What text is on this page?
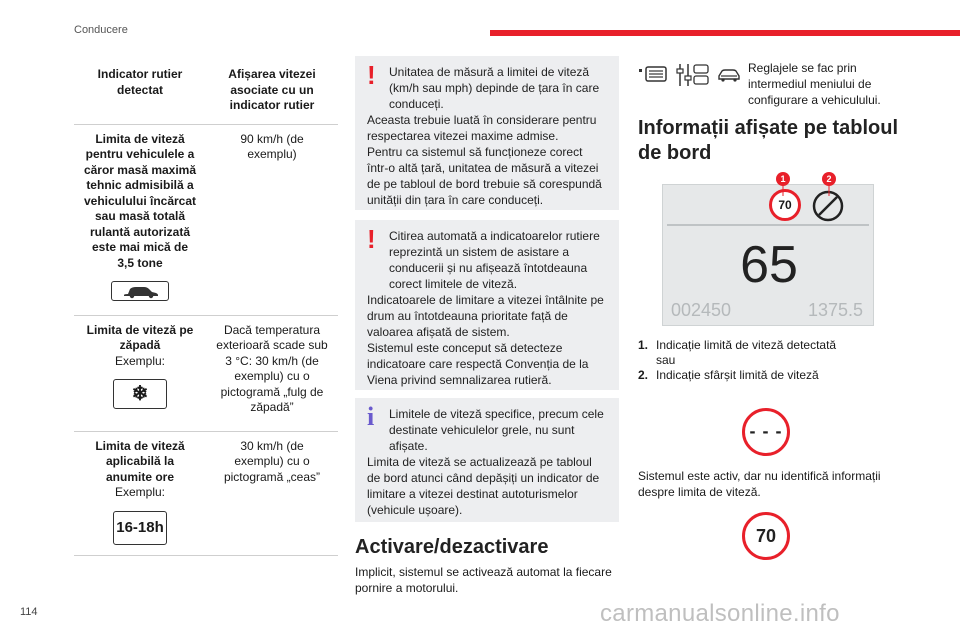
Conducere
Indicator rutier detectat	Afișarea vitezei asociate cu un indicator rutier

Limita de viteză pentru vehiculele a căror masă maximă tehnic admisibilă a vehiculului încărcat sau masă totală rulantă autorizată este mai mică de 3,5 tone	90 km/h (de exemplu)

Limita de viteză pe zăpadă
Exemplu:
❄	Dacă temperatura exterioară scade sub 3 °C: 30 km/h (de exemplu) cu o pictogramă „fulg de zăpadă”

Limita de viteză aplicabilă la anumite ore
Exemplu:
16-18h	30 km/h (de exemplu) cu o pictogramă „ceas”
!	Unitatea de măsură a limitei de viteză (km/h sau mph) depinde de țara în care conduceți.

Aceasta trebuie luată în considerare pentru respectarea vitezei maxime admise.

Pentru ca sistemul să funcționeze corect într-o altă țară, unitatea de măsură a vitezei de pe tabloul de bord trebuie să corespundă unității din țara în care conduceți.

!	Citirea automată a indicatoarelor rutiere reprezintă un sistem de asistare a conducerii și nu afișează întotdeauna corect limitele de viteză.

Indicatoarele de limitare a vitezei întâlnite pe drum au întotdeauna prioritate față de valoarea afișată de sistem.

Sistemul este conceput să detecteze indicatoare care respectă Convenția de la Viena privind semnalizarea rutieră.

i	Limitele de viteză specifice, precum cele destinate vehiculelor grele, nu sunt afișate.

Limita de viteză se actualizează pe tabloul de bord atunci când depășiți un indicator de limitare a vitezei destinat autoturismelor (vehicule ușoare).

Activare/dezactivare
Implicit, sistemul se activează automat la fiecare pornire a motorului.
Reglajele se fac prin intermediul meniului de configurare a vehiculului.
Informații afișate pe tabloul de bord
70
65
002450	1375.5
1	2
1. Indicație limită de viteză detectată sau
2. Indicație sfârșit limită de viteză
- - -
Sistemul este activ, dar nu identifică informații despre limita de viteză.
70
114	carmanualsonline.info
